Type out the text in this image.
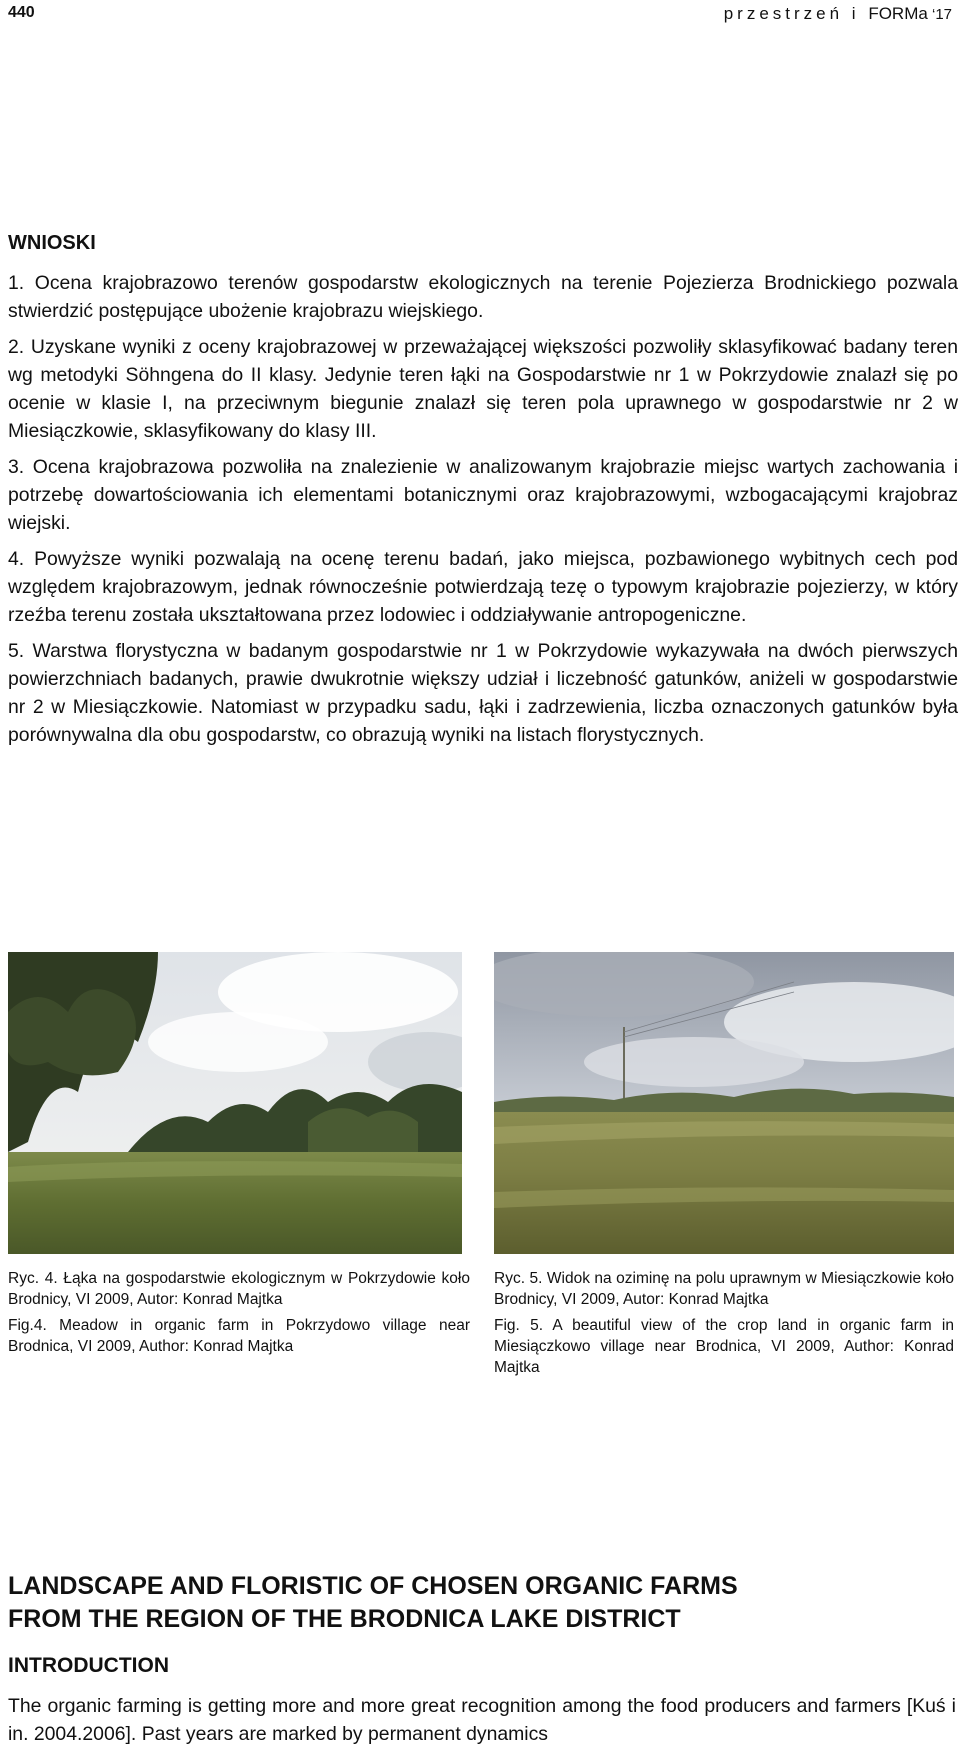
440	przestrzeń i FORMa ‘17
WNIOSKI

1. Ocena krajobrazowo terenów gospodarstw ekologicznych na terenie Pojezierza Brodnickiego pozwala stwierdzić postępujące ubożenie krajobrazu wiejskiego.

2. Uzyskane wyniki z oceny krajobrazowej w przeważającej większości pozwoliły sklasyfikować badany teren wg metodyki Söhngena do II klasy. Jedynie teren łąki na Gospodarstwie nr 1 w Pokrzydowie znalazł się po ocenie w klasie I, na przeciwnym biegunie znalazł się teren pola uprawnego w gospodarstwie nr 2 w Miesiączkowie, sklasyfikowany do klasy III.

3. Ocena krajobrazowa pozwoliła na znalezienie w analizowanym krajobrazie miejsc wartych zachowania i potrzebę dowartościowania ich elementami botanicznymi oraz krajobrazowymi, wzbogacającymi krajobraz wiejski.

4. Powyższe wyniki pozwalają na ocenę terenu badań, jako miejsca, pozbawionego wybitnych cech pod względem krajobrazowym, jednak równocześnie potwierdzają tezę o typowym krajobrazie pojezierzy, w który rzeźba terenu została ukształtowana przez lodowiec i oddziaływanie antropogeniczne.

5. Warstwa florystyczna w badanym gospodarstwie nr 1 w Pokrzydowie wykazywała na dwóch pierwszych powierzchniach badanych, prawie dwukrotnie większy udział i liczebność gatunków, aniżeli w gospodarstwie nr 2 w Miesiączkowie. Natomiast w przypadku sadu, łąki i zadrzewienia, liczba oznaczonych gatunków była porównywalna dla obu gospodarstw, co obrazują wyniki na listach florystycznych.

Ryc. 4. Łąka na gospodarstwie ekologicznym w Pokrzydowie koło Brodnicy, VI 2009, Autor: Konrad Majtka

Fig.4. Meadow in organic farm in Pokrzydowo village near Brodnica, VI 2009, Author: Konrad Majtka

Ryc. 5. Widok na oziminę na polu uprawnym w Miesiączkowie koło Brodnicy, VI 2009, Autor: Konrad Majtka

Fig. 5. A beautiful view of the crop land in organic farm in Miesiączkowo village near Brodnica, VI 2009, Author: Konrad Majtka

LANDSCAPE AND FLORISTIC OF CHOSEN ORGANIC FARMS
FROM THE REGION OF THE BRODNICA LAKE DISTRICT
INTRODUCTION

The organic farming is getting more and more great recognition among the food producers and farmers [Kuś i in. 2004.2006]. Past years are marked by permanent dynamics
